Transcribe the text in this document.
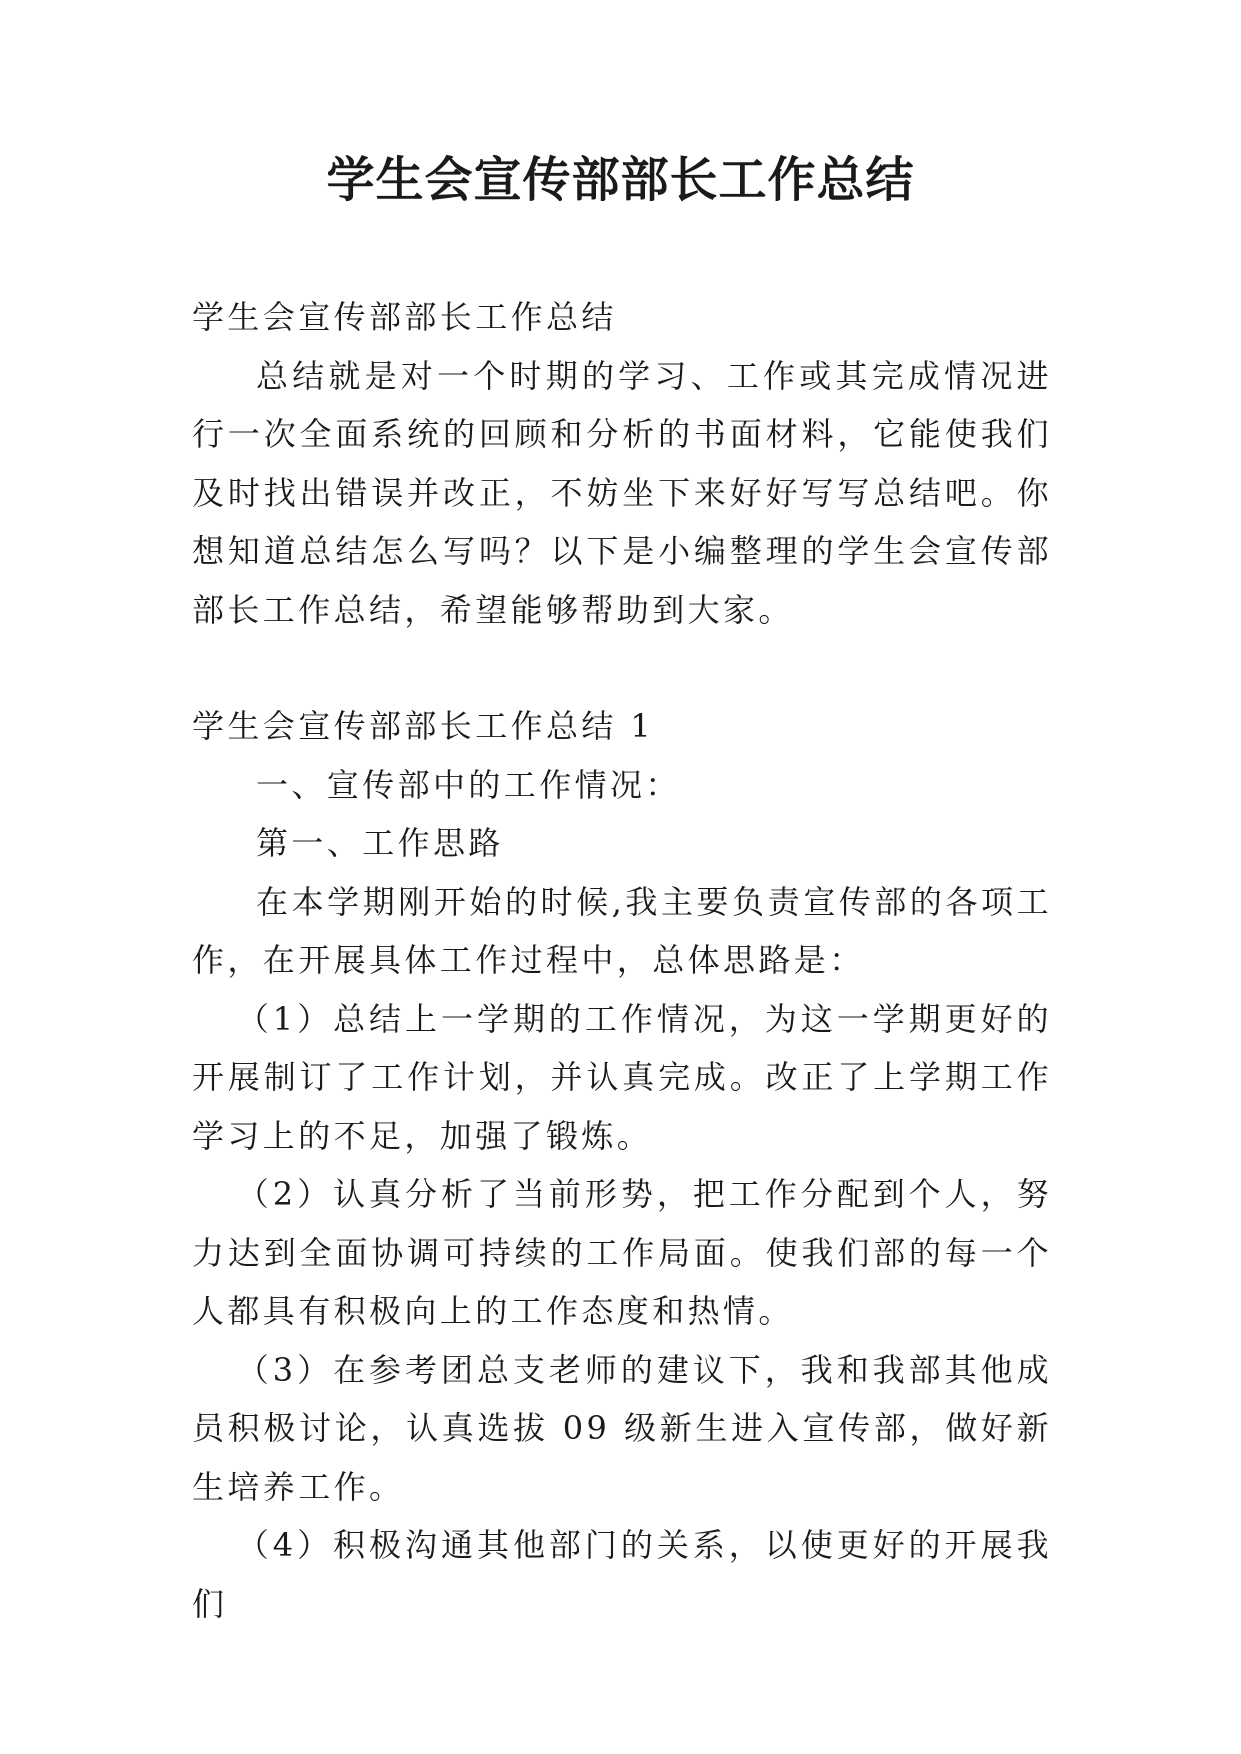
学生会宣传部部长工作总结

学生会宣传部部长工作总结

总结就是对一个时期的学习、工作或其完成情况进行一次全面系统的回顾和分析的书面材料，它能使我们及时找出错误并改正，不妨坐下来好好写写总结吧。你想知道总结怎么写吗？以下是小编整理的学生会宣传部部长工作总结，希望能够帮助到大家。

学生会宣传部部长工作总结 1

一、宣传部中的工作情况：

第一、工作思路

在本学期刚开始的时候,我主要负责宣传部的各项工作，在开展具体工作过程中，总体思路是：

（1）总结上一学期的工作情况，为这一学期更好的开展制订了工作计划，并认真完成。改正了上学期工作学习上的不足，加强了锻炼。

（2）认真分析了当前形势，把工作分配到个人，努力达到全面协调可持续的工作局面。使我们部的每一个人都具有积极向上的工作态度和热情。

（3）在参考团总支老师的建议下，我和我部其他成员积极讨论，认真选拔 09 级新生进入宣传部，做好新生培养工作。

（4）积极沟通其他部门的关系，以使更好的开展我们
